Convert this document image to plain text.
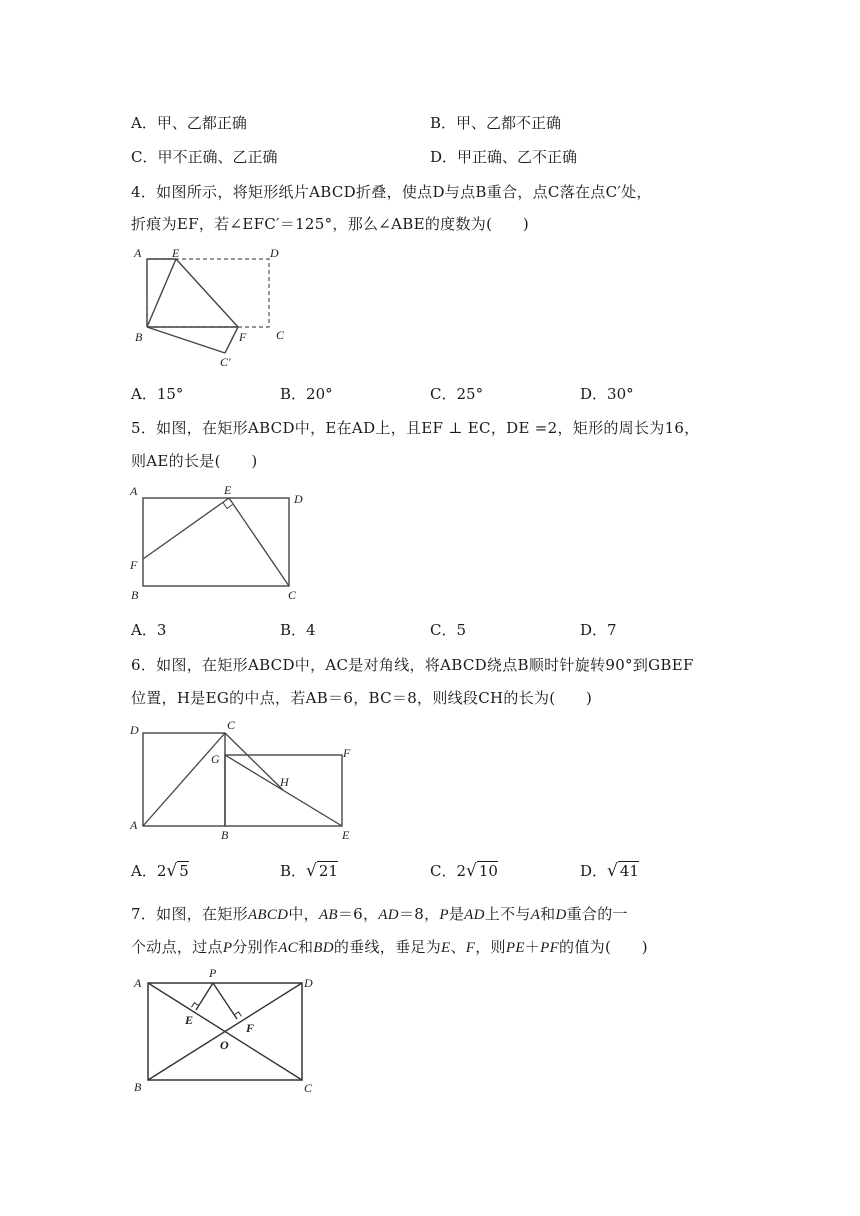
A．甲、乙都正确	B．甲、乙都不正确
C．甲不正确、乙正确	D．甲正确、乙不正确
4．如图所示，将矩形纸片ABCD折叠，使点D与点B重合，点C落在点C′处，
折痕为EF，若∠EFC′＝125°，那么∠ABE的度数为(　　)
A	E	D
B	F C
C′
A．15°	B．20°	C．25°	D．30°
5．如图，在矩形ABCD中，E在AD上，且EF ⊥ EC，DE =2，矩形的周长为16，
则AE的长是(　　)
A	E
D
F
B	C
A．3	B．4	C．5	D．7
6．如图，在矩形ABCD中，AC是对角线，将ABCD绕点B顺时针旋转90°到GBEF
位置，H是EG的中点，若AB＝6，BC＝8，则线段CH的长为(　　)
D	C
F
G
H
A
B	E
A．2√ 5	B．√ 21	C．2√ 10	D．√ 41
7．如图，在矩形ABCD中，AB＝6，AD＝8，P是AD上不与A和D重合的一
个动点，过点P分别作AC和BD的垂线，垂足为E、F，则PE＋PF的值为(　　)
A
P
D
E
F
O
B	C
